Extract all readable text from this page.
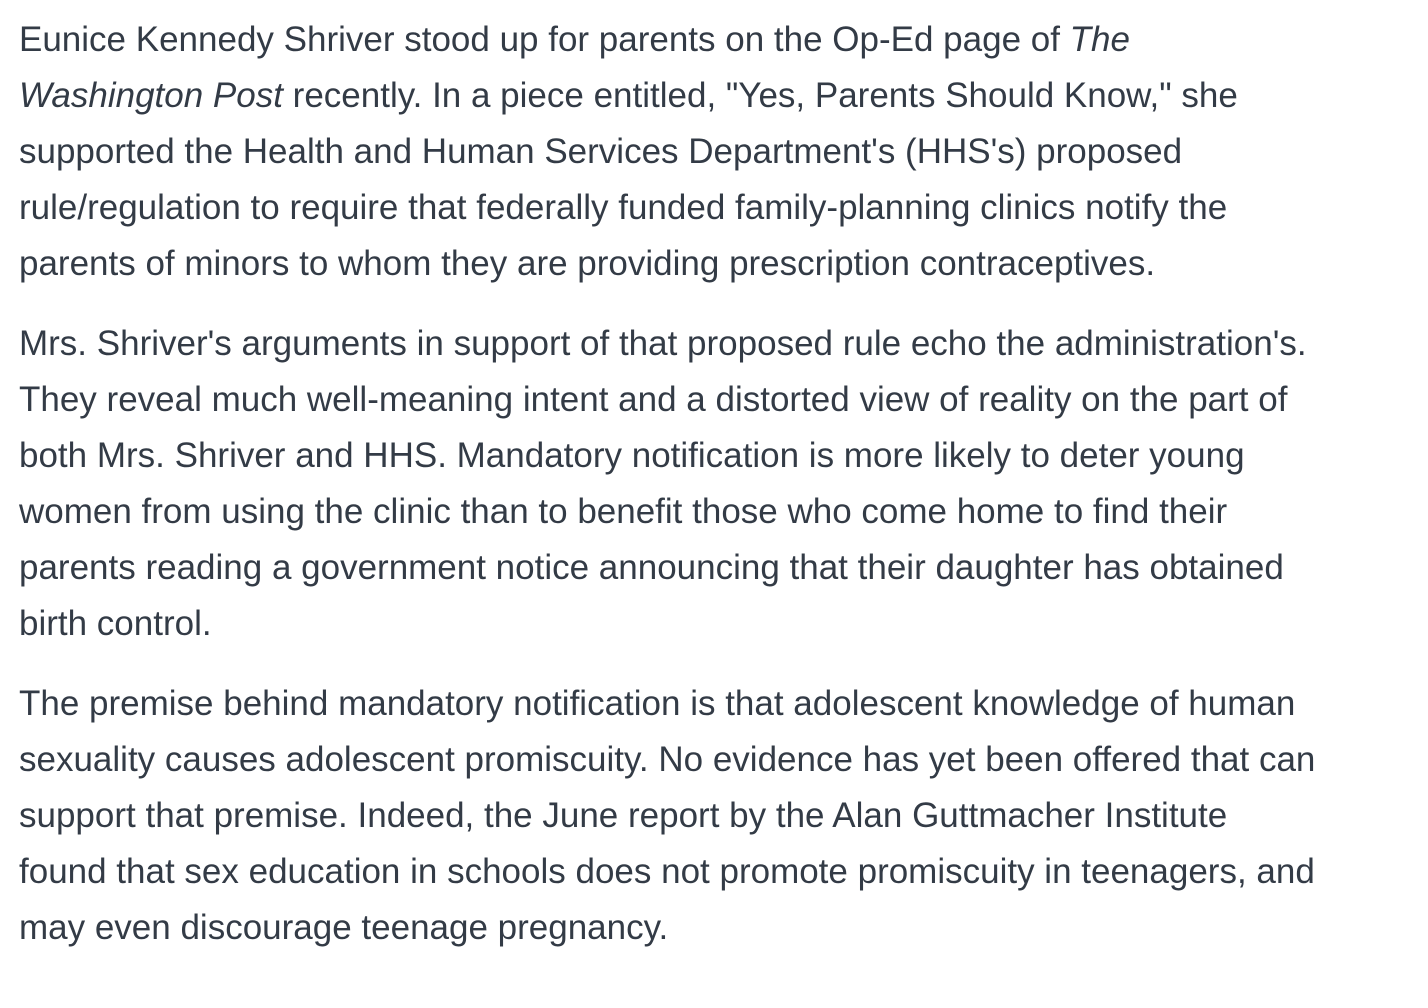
Eunice Kennedy Shriver stood up for parents on the Op-Ed page of The
Washington Post recently. In a piece entitled, "Yes, Parents Should Know," she
supported the Health and Human Services Department's (HHS's) proposed
rule/regulation to require that federally funded family-planning clinics notify the
parents of minors to whom they are providing prescription contraceptives.

Mrs. Shriver's arguments in support of that proposed rule echo the administration's.
They reveal much well-meaning intent and a distorted view of reality on the part of
both Mrs. Shriver and HHS. Mandatory notification is more likely to deter young
women from using the clinic than to benefit those who come home to find their
parents reading a government notice announcing that their daughter has obtained
birth control.

The premise behind mandatory notification is that adolescent knowledge of human
sexuality causes adolescent promiscuity. No evidence has yet been offered that can
support that premise. Indeed, the June report by the Alan Guttmacher Institute
found that sex education in schools does not promote promiscuity in teenagers, and
may even discourage teenage pregnancy.
